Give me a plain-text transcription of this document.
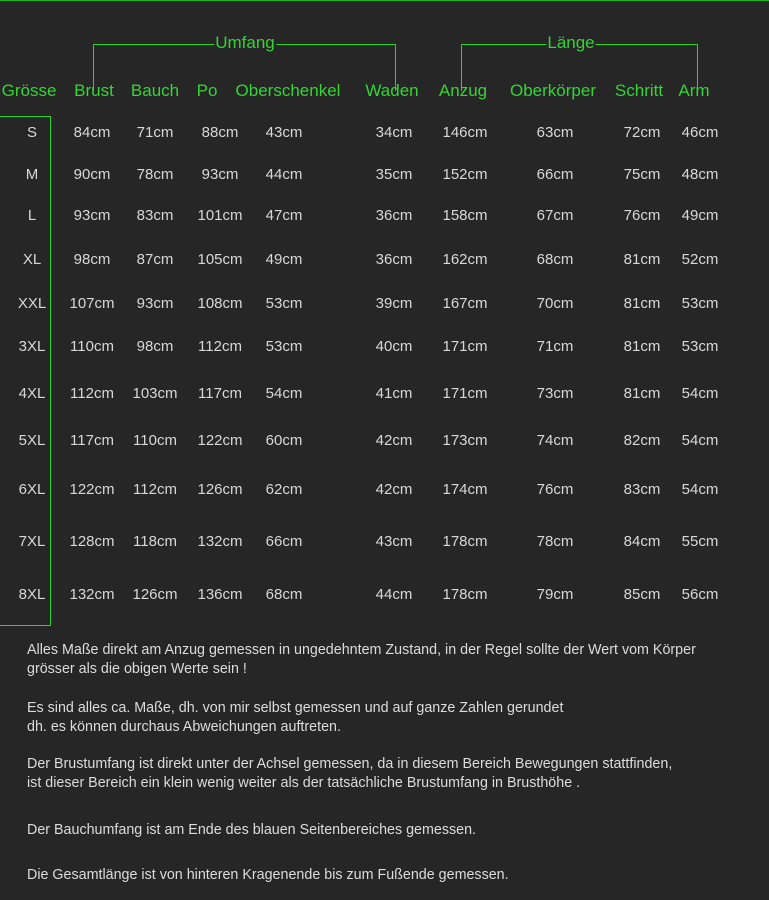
Umfang	Länge
Grösse Brust Bauch Po Oberschenkel Waden Anzug Oberkörper Schritt Arm
S 84cm 71cm 88cm 43cm	34cm 146cm	63cm	72cm 46cm
M 90cm 78cm 93cm 44cm	35cm 152cm	66cm	75cm 48cm
L 93cm 83cm 101cm 47cm	36cm 158cm	67cm	76cm 49cm
XL 98cm 87cm 105cm 49cm	36cm 162cm	68cm	81cm 52cm
XXL 107cm 93cm 108cm 53cm	39cm 167cm	70cm	81cm 53cm
3XL 110cm 98cm 112cm 53cm	40cm 171cm	71cm	81cm 53cm
4XL 112cm 103cm 117cm 54cm	41cm 171cm	73cm	81cm 54cm
5XL 117cm 110cm 122cm 60cm	42cm 173cm	74cm	82cm 54cm
6XL 122cm 112cm 126cm 62cm	42cm 174cm	76cm	83cm 54cm
7XL 128cm 118cm 132cm 66cm	43cm 178cm	78cm	84cm 55cm
8XL 132cm 126cm 136cm 68cm	44cm 178cm	79cm	85cm 56cm
Alles Maße direkt am Anzug gemessen in ungedehntem Zustand, in der Regel sollte der Wert vom Körper
grösser als die obigen Werte sein !
Es sind alles ca. Maße, dh. von mir selbst gemessen und auf ganze Zahlen gerundet
dh. es können durchaus Abweichungen auftreten.
Der Brustumfang ist direkt unter der Achsel gemessen, da in diesem Bereich Bewegungen stattfinden,
ist dieser Bereich ein klein wenig weiter als der tatsächliche Brustumfang in Brusthöhe .
Der Bauchumfang ist am Ende des blauen Seitenbereiches gemessen.
Die Gesamtlänge ist von hinteren Kragenende bis zum Fußende gemessen.
